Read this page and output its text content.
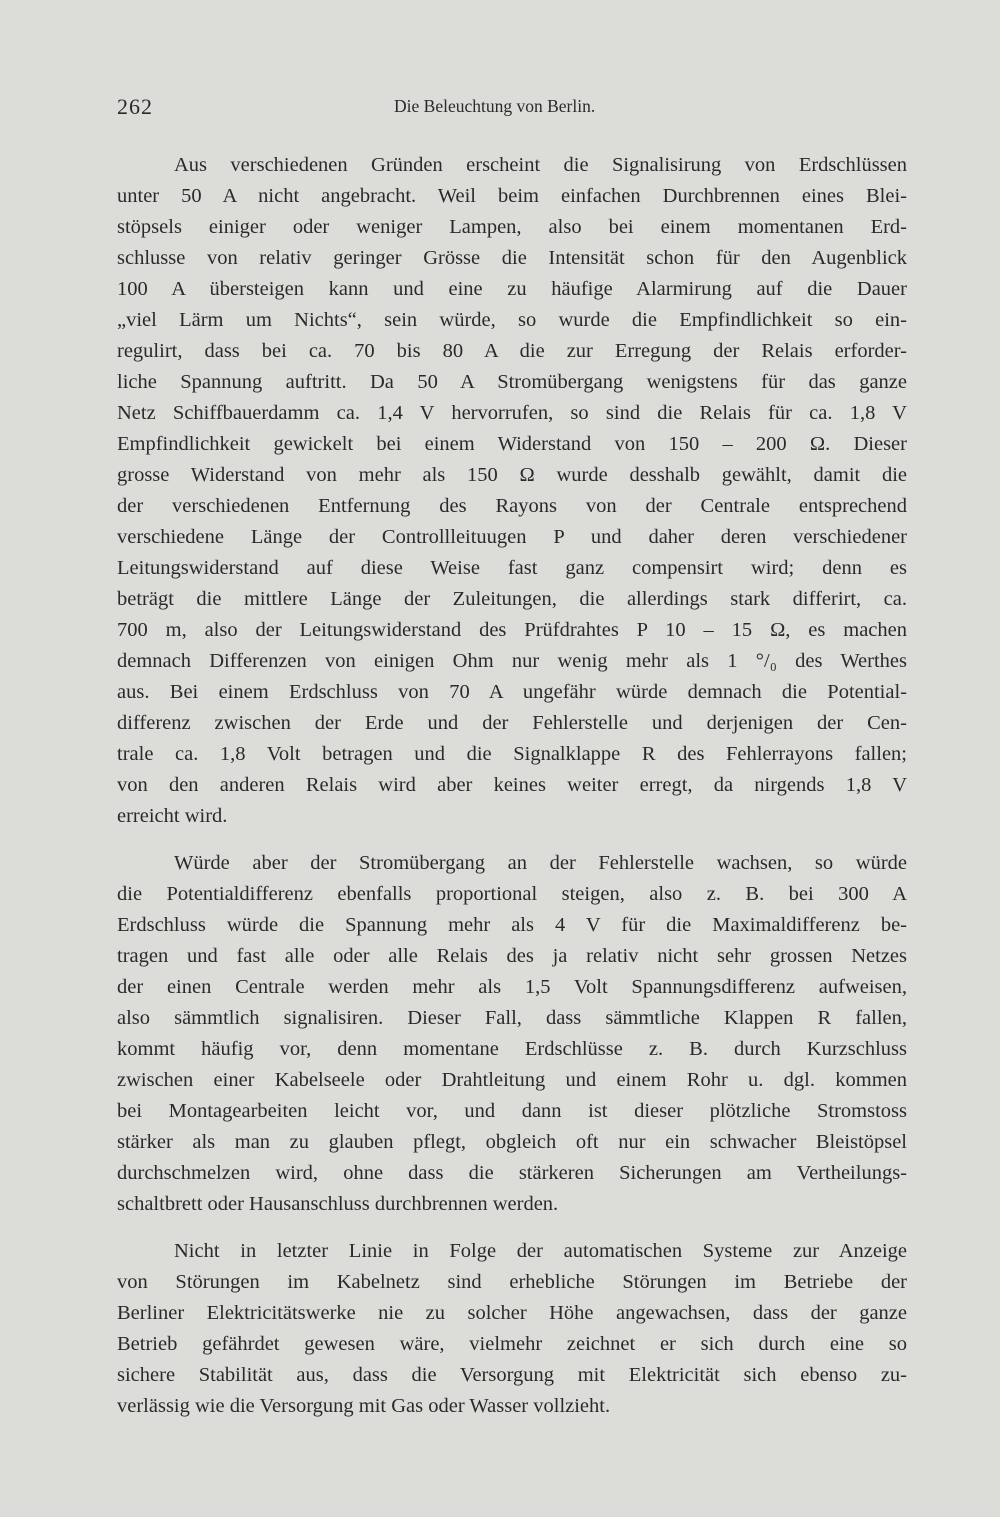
262	Die Beleuchtung von Berlin.
Aus verschiedenen Gründen erscheint die Signalisirung von Erdschlüssen
unter 50 A nicht angebracht. Weil beim einfachen Durchbrennen eines Blei-
stöpsels einiger oder weniger Lampen, also bei einem momentanen Erd-
schlusse von relativ geringer Grösse die Intensität schon für den Augenblick
100 A übersteigen kann und eine zu häufige Alarmirung auf die Dauer
„viel Lärm um Nichts“, sein würde, so wurde die Empfindlichkeit so ein-
regulirt, dass bei ca. 70 bis 80 A die zur Erregung der Relais erforder-
liche Spannung auftritt. Da 50 A Stromübergang wenigstens für das ganze
Netz Schiffbauerdamm ca. 1,4 V hervorrufen, so sind die Relais für ca. 1,8 V
Empfindlichkeit gewickelt bei einem Widerstand von 150 – 200 Ω. Dieser
grosse Widerstand von mehr als 150 Ω wurde desshalb gewählt, damit die
der verschiedenen Entfernung des Rayons von der Centrale entsprechend
verschiedene Länge der Controllleituugen P und daher deren verschiedener
Leitungswiderstand auf diese Weise fast ganz compensirt wird; denn es
beträgt die mittlere Länge der Zuleitungen, die allerdings stark differirt, ca.
700 m, also der Leitungswiderstand des Prüfdrahtes P 10 – 15 Ω, es machen
demnach Differenzen von einigen Ohm nur wenig mehr als 1 °/₀ des Werthes
aus. Bei einem Erdschluss von 70 A ungefähr würde demnach die Potential-
differenz zwischen der Erde und der Fehlerstelle und derjenigen der Cen-
trale ca. 1,8 Volt betragen und die Signalklappe R des Fehlerrayons fallen;
von den anderen Relais wird aber keines weiter erregt, da nirgends 1,8 V
erreicht wird.
Würde aber der Stromübergang an der Fehlerstelle wachsen, so würde
die Potentialdifferenz ebenfalls proportional steigen, also z. B. bei 300 A
Erdschluss würde die Spannung mehr als 4 V für die Maximaldifferenz be-
tragen und fast alle oder alle Relais des ja relativ nicht sehr grossen Netzes
der einen Centrale werden mehr als 1,5 Volt Spannungsdifferenz aufweisen,
also sämmtlich signalisiren. Dieser Fall, dass sämmtliche Klappen R fallen,
kommt häufig vor, denn momentane Erdschlüsse z. B. durch Kurzschluss
zwischen einer Kabelseele oder Drahtleitung und einem Rohr u. dgl. kommen
bei Montagearbeiten leicht vor, und dann ist dieser plötzliche Stromstoss
stärker als man zu glauben pflegt, obgleich oft nur ein schwacher Bleistöpsel
durchschmelzen wird, ohne dass die stärkeren Sicherungen am Vertheilungs-
schaltbrett oder Hausanschluss durchbrennen werden.
Nicht in letzter Linie in Folge der automatischen Systeme zur Anzeige
von Störungen im Kabelnetz sind erhebliche Störungen im Betriebe der
Berliner Elektricitätswerke nie zu solcher Höhe angewachsen, dass der ganze
Betrieb gefährdet gewesen wäre, vielmehr zeichnet er sich durch eine so
sichere Stabilität aus, dass die Versorgung mit Elektricität sich ebenso zu-
verlässig wie die Versorgung mit Gas oder Wasser vollzieht.
